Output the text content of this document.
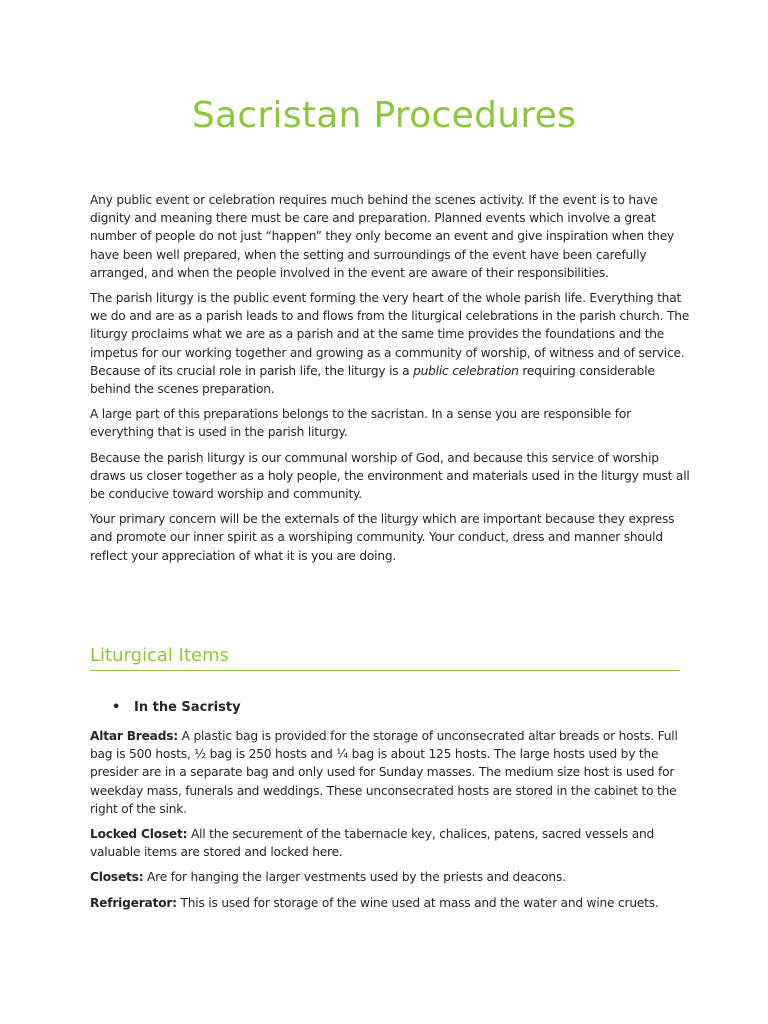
Sacristan Procedures

Any public event or celebration requires much behind the scenes activity. If the event is to have dignity and meaning there must be care and preparation. Planned events which involve a great number of people do not just “happen” they only become an event and give inspiration when they have been well prepared, when the setting and surroundings of the event have been carefully arranged, and when the people involved in the event are aware of their responsibilities.

The parish liturgy is the public event forming the very heart of the whole parish life. Everything that we do and are as a parish leads to and flows from the liturgical celebrations in the parish church. The liturgy proclaims what we are as a parish and at the same time provides the foundations and the impetus for our working together and growing as a community of worship, of witness and of service. Because of its crucial role in parish life, the liturgy is a public celebration requiring considerable behind the scenes preparation.

A large part of this preparations belongs to the sacristan. In a sense you are responsible for everything that is used in the parish liturgy.

Because the parish liturgy is our communal worship of God, and because this service of worship draws us closer together as a holy people, the environment and materials used in the liturgy must all be conducive toward worship and community.

Your primary concern will be the externals of the liturgy which are important because they express and promote our inner spirit as a worshiping community. Your conduct, dress and manner should reflect your appreciation of what it is you are doing.

Liturgical Items
• In the Sacristy

Altar Breads: A plastic bag is provided for the storage of unconsecrated altar breads or hosts. Full bag is 500 hosts, ½ bag is 250 hosts and ¼ bag is about 125 hosts. The large hosts used by the presider are in a separate bag and only used for Sunday masses. The medium size host is used for weekday mass, funerals and weddings. These unconsecrated hosts are stored in the cabinet to the right of the sink.

Locked Closet: All the securement of the tabernacle key, chalices, patens, sacred vessels and valuable items are stored and locked here.

Closets: Are for hanging the larger vestments used by the priests and deacons.

Refrigerator: This is used for storage of the wine used at mass and the water and wine cruets.
